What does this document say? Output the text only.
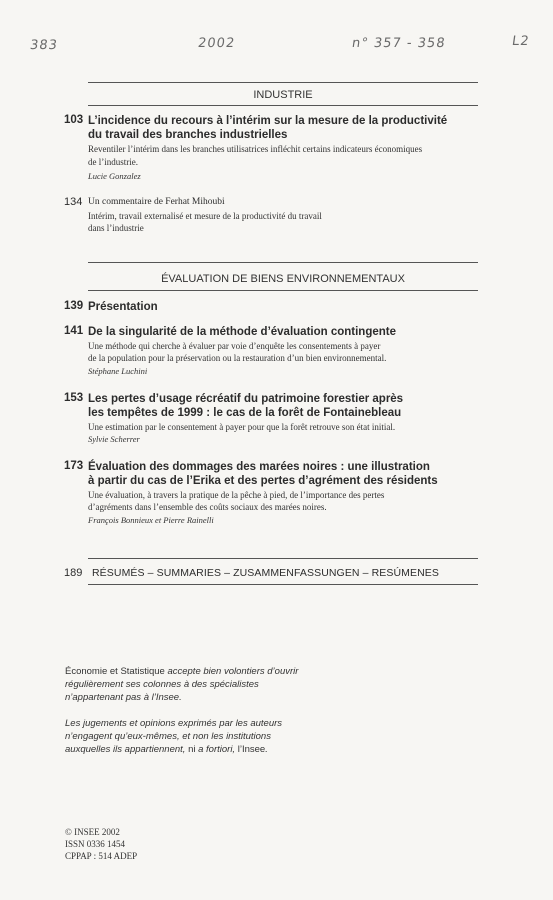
383	2002	n° 357 - 358	L2
INDUSTRIE
103 L’incidence du recours à l’intérim sur la mesure de la productivité
du travail des branches industrielles
Reventiler l’intérim dans les branches utilisatrices infléchit certains indicateurs économiques
de l’industrie.
Lucie Gonzalez
134 Un commentaire de Ferhat Mihoubi
Intérim, travail externalisé et mesure de la productivité du travail
dans l’industrie
ÉVALUATION DE BIENS ENVIRONNEMENTAUX
139 Présentation
141 De la singularité de la méthode d’évaluation contingente
Une méthode qui cherche à évaluer par voie d’enquête les consentements à payer
de la population pour la préservation ou la restauration d’un bien environnemental.
Stéphane Luchini
153 Les pertes d’usage récréatif du patrimoine forestier après
les tempêtes de 1999 : le cas de la forêt de Fontainebleau
Une estimation par le consentement à payer pour que la forêt retrouve son état initial.
Sylvie Scherrer
173 Évaluation des dommages des marées noires : une illustration
à partir du cas de l’Erika et des pertes d’agrément des résidents
Une évaluation, à travers la pratique de la pêche à pied, de l’importance des pertes
d’agréments dans l’ensemble des coûts sociaux des marées noires.
François Bonnieux et Pierre Rainelli
189 RÉSUMÉS – SUMMARIES – ZUSAMMENFASSUNGEN – RESÚMENES
Économie et Statistique accepte bien volontiers d’ouvrir
régulièrement ses colonnes à des spécialistes
n’appartenant pas à l’Insee.
Les jugements et opinions exprimés par les auteurs
n’engagent qu’eux-mêmes, et non les institutions
auxquelles ils appartiennent, ni a fortiori, l’Insee.
© INSEE 2002
ISSN 0336 1454
CPPAP : 514 ADEP
